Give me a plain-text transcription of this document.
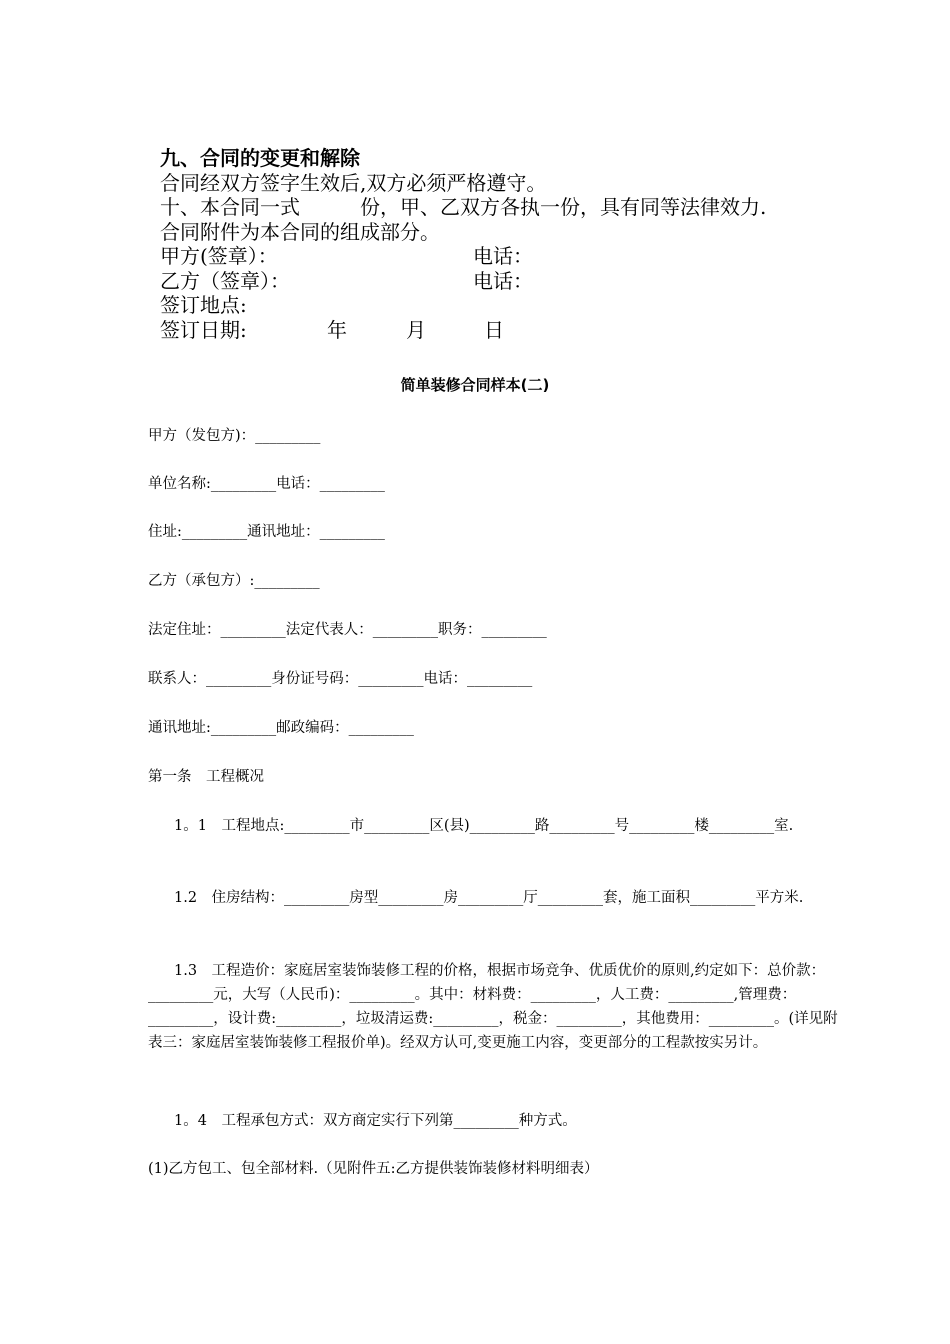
九、合同的变更和解除
合同经双方签字生效后,双方必须严格遵守。
十、本合同一式　　　份，甲、乙双方各执一份，具有同等法律效力.
合同附件为本合同的组成部分。
甲方(签章）：	电话：
乙方（签章）：	电话：
签订地点:
签订日期:	年	月	日
简单装修合同样本(二)
甲方（发包方)：_________
单位名称:_________电话：_________
住址:_________通讯地址：_________
乙方（承包方）:_________
法定住址：_________法定代表人：_________职务：_________
联系人：_________身份证号码：_________电话：_________
通讯地址:_________邮政编码：_________
第一条　工程概况
1。1　工程地点:_________市_________区(县)_________路_________号_________楼_________室.
1.2　住房结构：_________房型_________房_________厅_________套，施工面积_________平方米.
1.3　工程造价：家庭居室装饰装修工程的价格，根据市场竞争、优质优价的原则,约定如下：总价款：_________元，大写（人民币)：_________。其中：材料费：_________，人工费：_________,管理费：_________，设计费:_________，垃圾清运费:_________，税金：_________，其他费用：_________。(详见附表三：家庭居室装饰装修工程报价单)。经双方认可,变更施工内容，变更部分的工程款按实另计。
1。4　工程承包方式：双方商定实行下列第_________种方式。
(1)乙方包工、包全部材料.（见附件五:乙方提供装饰装修材料明细表）
